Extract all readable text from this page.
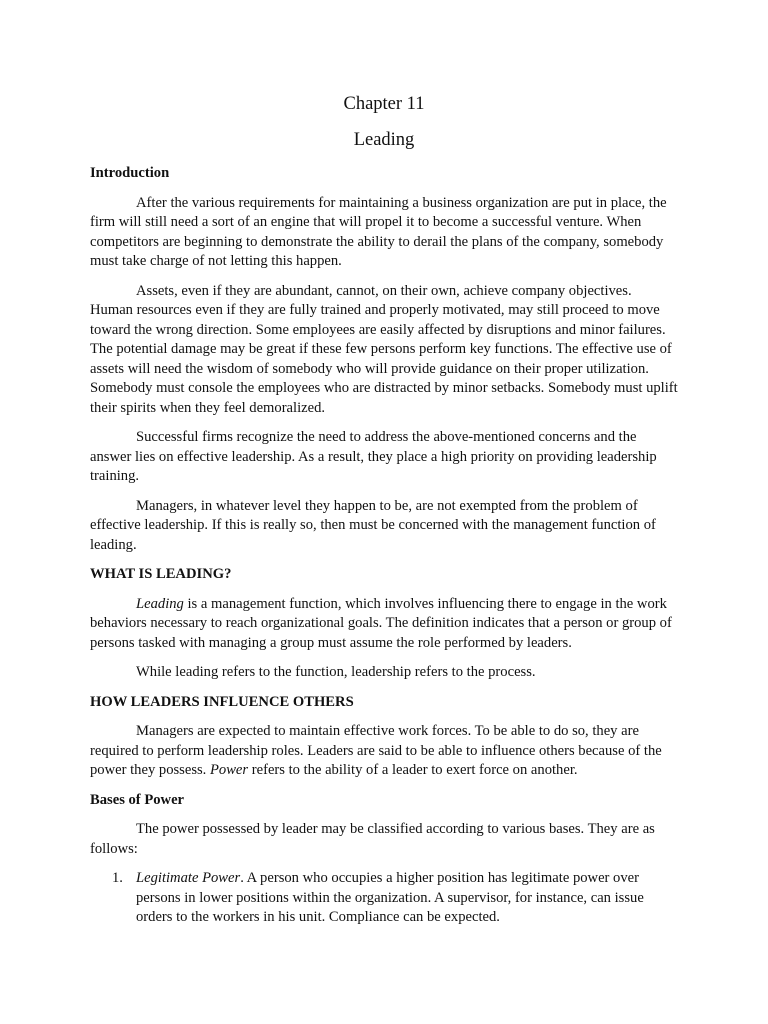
Chapter 11
Leading
Introduction

After the various requirements for maintaining a business organization are put in place, the firm will still need a sort of an engine that will propel it to become a successful venture. When competitors are beginning to demonstrate the ability to derail the plans of the company, somebody must take charge of not letting this happen.

Assets, even if they are abundant, cannot, on their own, achieve company objectives. Human resources even if they are fully trained and properly motivated, may still proceed to move toward the wrong direction. Some employees are easily affected by disruptions and minor failures. The potential damage may be great if these few persons perform key functions. The effective use of assets will need the wisdom of somebody who will provide guidance on their proper utilization. Somebody must console the employees who are distracted by minor setbacks. Somebody must uplift their spirits when they feel demoralized.

Successful firms recognize the need to address the above-mentioned concerns and the answer lies on effective leadership. As a result, they place a high priority on providing leadership training.

Managers, in whatever level they happen to be, are not exempted from the problem of effective leadership. If this is really so, then must be concerned with the management function of leading.

WHAT IS LEADING?

Leading is a management function, which involves influencing there to engage in the work behaviors necessary to reach organizational goals. The definition indicates that a person or group of persons tasked with managing a group must assume the role performed by leaders.

While leading refers to the function, leadership refers to the process.

HOW LEADERS INFLUENCE OTHERS

Managers are expected to maintain effective work forces. To be able to do so, they are required to perform leadership roles. Leaders are said to be able to influence others because of the power they possess. Power refers to the ability of a leader to exert force on another.

Bases of Power

The power possessed by leader may be classified according to various bases. They are as follows:

1. Legitimate Power. A person who occupies a higher position has legitimate power over persons in lower positions within the organization. A supervisor, for instance, can issue orders to the workers in his unit. Compliance can be expected.
